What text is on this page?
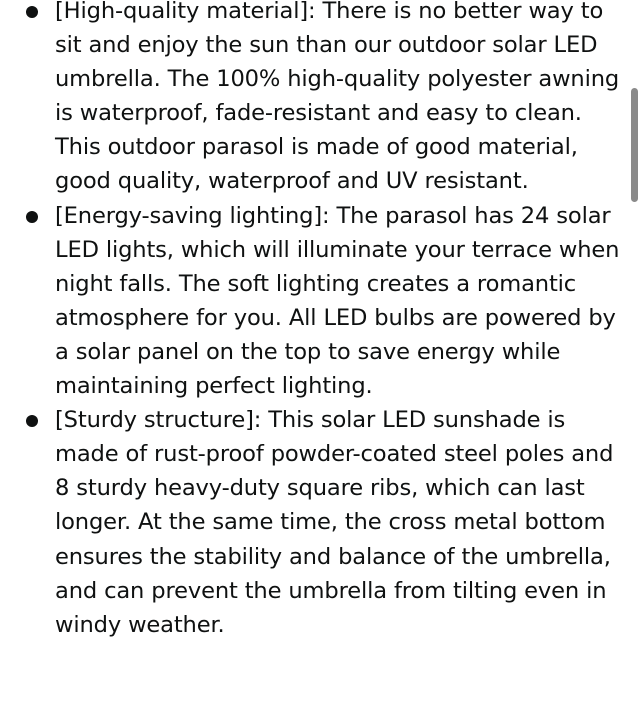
[High-quality material]: There is no better way to sit and enjoy the sun than our outdoor solar LED umbrella. The 100% high-quality polyester awning is waterproof, fade-resistant and easy to clean. This outdoor parasol is made of good material, good quality, waterproof and UV resistant.
[Energy-saving lighting]: The parasol has 24 solar LED lights, which will illuminate your terrace when night falls. The soft lighting creates a romantic atmosphere for you. All LED bulbs are powered by a solar panel on the top to save energy while maintaining perfect lighting.
[Sturdy structure]: This solar LED sunshade is made of rust-proof powder-coated steel poles and 8 sturdy heavy-duty square ribs, which can last longer. At the same time, the cross metal bottom ensures the stability and balance of the umbrella, and can prevent the umbrella from tilting even in windy weather.
